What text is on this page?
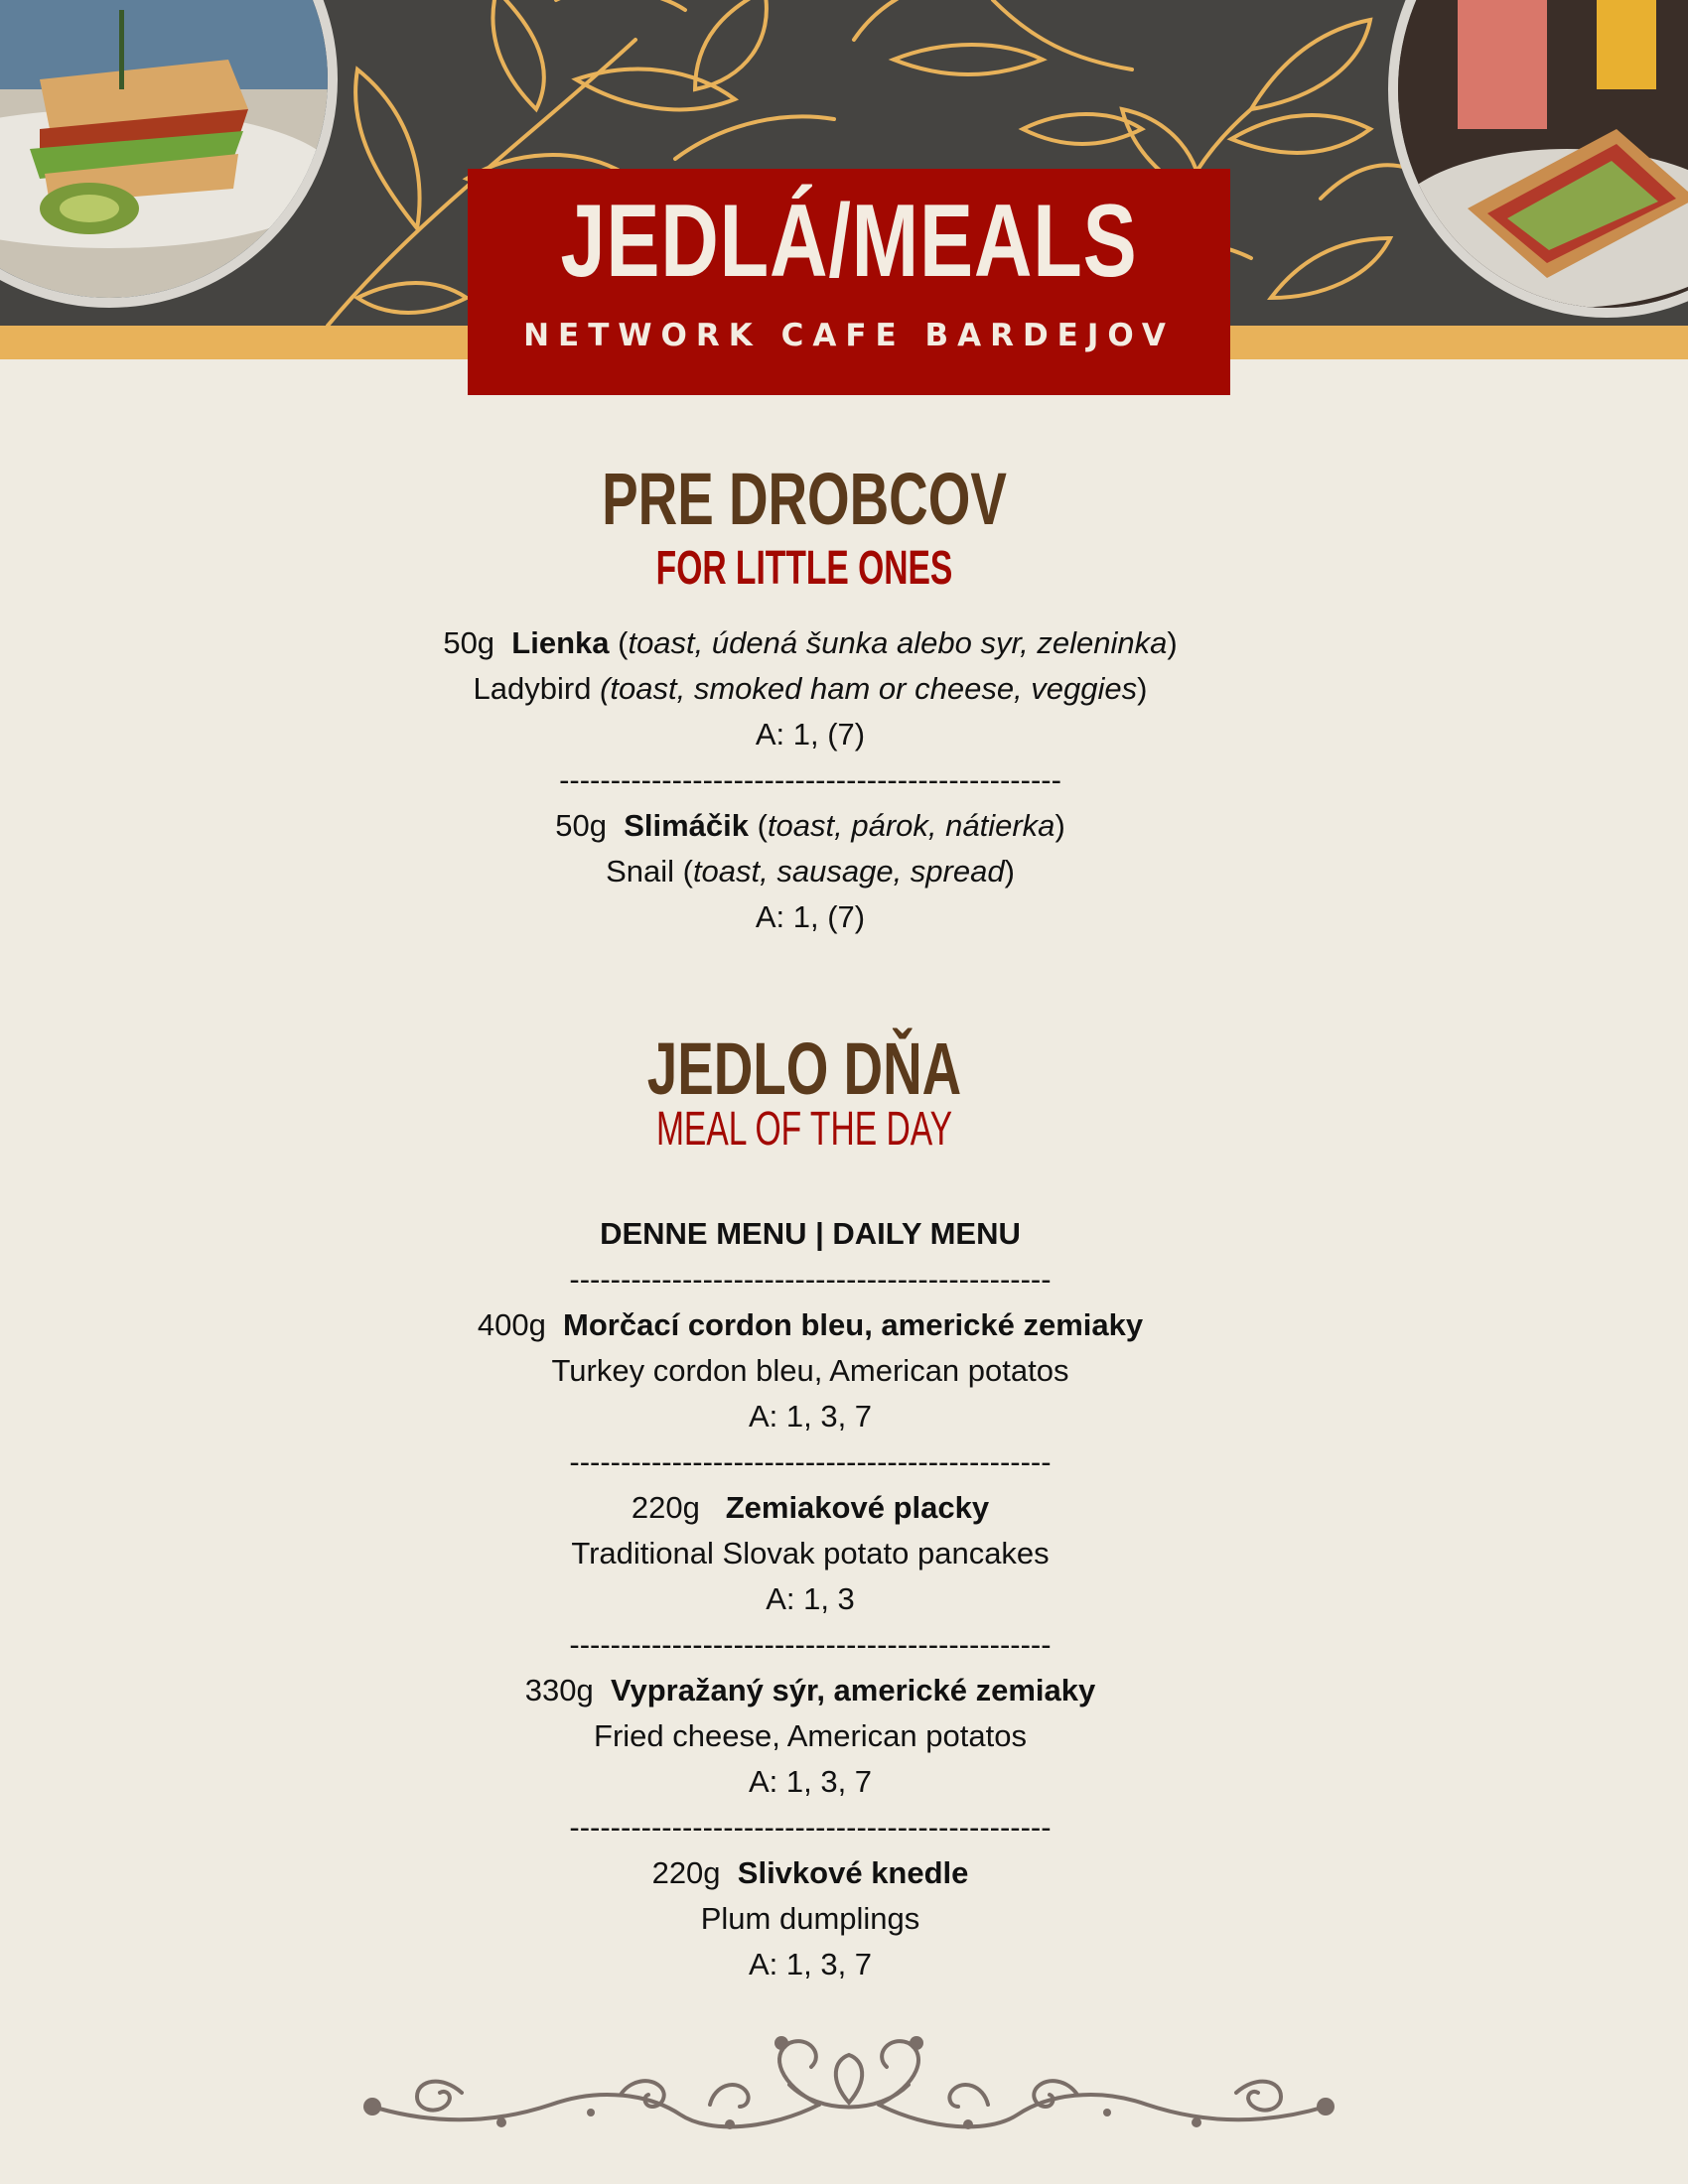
JEDLÁ/MEALS
NETWORK CAFE BARDEJOV
PRE DROBCOV
FOR LITTLE ONES
50g Lienka (toast, údená šunka alebo syr, zeleninka)
Ladybird (toast, smoked ham or cheese, veggies)
A: 1, (7)
-------------------------------------------------
50g Slimáčik (toast, párok, nátierka)
Snail (toast, sausage, spread)
A: 1, (7)
JEDLO DŇA
MEAL OF THE DAY
DENNE MENU | DAILY MENU
-----------------------------------------------
400g Morčací cordon bleu, americké zemiaky
Turkey cordon bleu, American potatos
A: 1, 3, 7
-----------------------------------------------
220g Zemiakové placky
Traditional Slovak potato pancakes
A: 1, 3
-----------------------------------------------
330g Vypražaný sýr, americké zemiaky
Fried cheese, American potatos
A: 1, 3, 7
-----------------------------------------------
220g Slivkové knedle
Plum dumplings
A: 1, 3, 7
